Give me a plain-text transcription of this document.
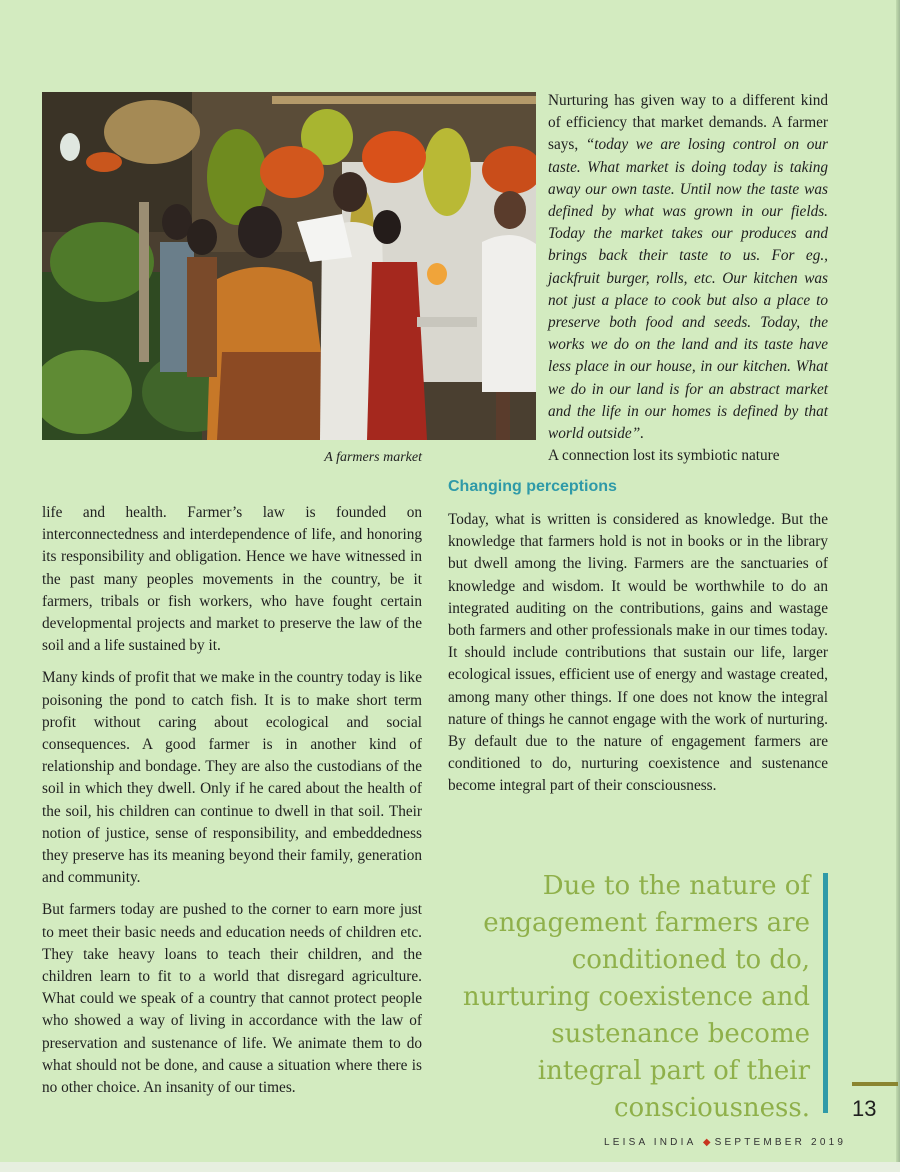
A farmers market

Nurturing has given way to a different kind of efficiency that market demands. A farmer says, “today we are losing control on our taste. What market is doing today is taking away our own taste. Until now the taste was defined by what was grown in our fields. Today the market takes our produces and brings back their taste to us. For eg., jackfruit burger, rolls, etc. Our kitchen was not just a place to cook but also a place to preserve both food and seeds. Today, the works we do on the land and its taste have less place in our house, in our kitchen. What we do in our land is for an abstract market and the life in our homes is defined by that world outside”.

A connection lost its symbiotic nature

Changing perceptions

life and health. Farmer’s law is founded on interconnectedness and interdependence of life, and honoring its responsibility and obligation. Hence we have witnessed in the past many peoples movements in the country, be it farmers, tribals or fish workers, who have fought certain developmental projects and market to preserve the law of the soil and a life sustained by it.

Many kinds of profit that we make in the country today is like poisoning the pond to catch fish. It is to make short term profit without caring about ecological and social consequences. A good farmer is in another kind of relationship and bondage. They are also the custodians of the soil in which they dwell. Only if he cared about the health of the soil, his children can continue to dwell in that soil. Their notion of justice, sense of responsibility, and embeddedness they preserve has its meaning beyond their family, generation and community.

But farmers today are pushed to the corner to earn more just to meet their basic needs and education needs of children etc. They take heavy loans to teach their children, and the children learn to fit to a world that disregard agriculture. What could we speak of a country that cannot protect people who showed a way of living in accordance with the law of preservation and sustenance of life. We animate them to do what should not be done, and cause a situation where there is no other choice. An insanity of our times.

Today, what is written is considered as knowledge. But the knowledge that farmers hold is not in books or in the library but dwell among the living. Farmers are the sanctuaries of knowledge and wisdom. It would be worthwhile to do an integrated auditing on the contributions, gains and wastage both farmers and other professionals make in our times today. It should include contributions that sustain our life, larger ecological issues, efficient use of energy and wastage created, among many other things. If one does not know the integral nature of things he cannot engage with the work of nurturing. By default due to the nature of engagement farmers are conditioned to do, nurturing coexistence and sustenance become integral part of their consciousness.

Due to the nature of
engagement farmers are
conditioned to do,
nurturing coexistence and
sustenance become
integral part of their
consciousness. 13
LEISA INDIA ◆ SEPTEMBER 2019
